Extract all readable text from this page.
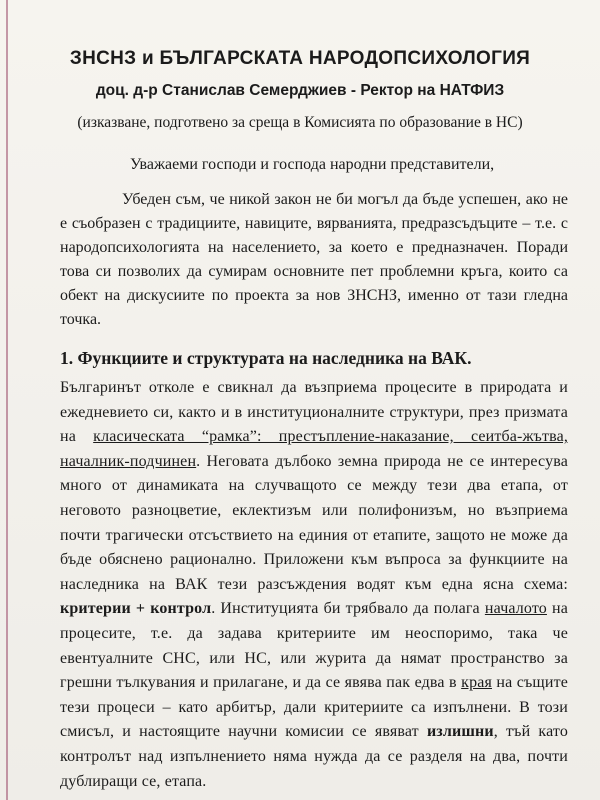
ЗНСНЗ и БЪЛГАРСКАТА НАРОДОПСИХОЛОГИЯ
доц. д-р Станислав Семерджиев - Ректор на НАТФИЗ
(изказване, подготвено за среща в Комисията по образование в НС)
Уважаеми господи и господа народни представители,
Убеден съм, че никой закон не би могъл да бъде успешен, ако не е съобразен с традициите, навиците, вярванията, предразсъдъците – т.е. с народопсихологията на населението, за което е предназначен. Поради това си позволих да сумирам основните пет проблемни кръга, които са обект на дискусиите по проекта за нов ЗНСНЗ, именно от тази гледна точка.
1. Функциите и структурата на наследника на ВАК.
Българинът отколе е свикнал да възприема процесите в природата и ежедневието си, както и в институционалните структури, през призмата на класическата “рамка”: престъпление-наказание, сеитба-жътва, началник-подчинен. Неговата дълбоко земна природа не се интересува много от динамиката на случващото се между тези два етапа, от неговото разноцветие, еклектизъм или полифонизъм, но възприема почти трагически отсъствието на единия от етапите, защото не може да бъде обяснено рационално. Приложени към въпроса за функциите на наследника на ВАК тези разсъждения водят към една ясна схема: критерии + контрол. Институцията би трябвало да полага началото на процесите, т.е. да задава критериите им неоспоримо, така че евентуалните СНС, или НС, или журита да нямат пространство за грешни тълкувания и прилагане, и да се явява пак едва в края на същите тези процеси – като арбитър, дали критериите са изпълнени. В този смисъл, и настоящите научни комисии се явяват излишни, тъй като контролът над изпълнението няма нужда да се разделя на два, почти дублиращи се, етапа.
